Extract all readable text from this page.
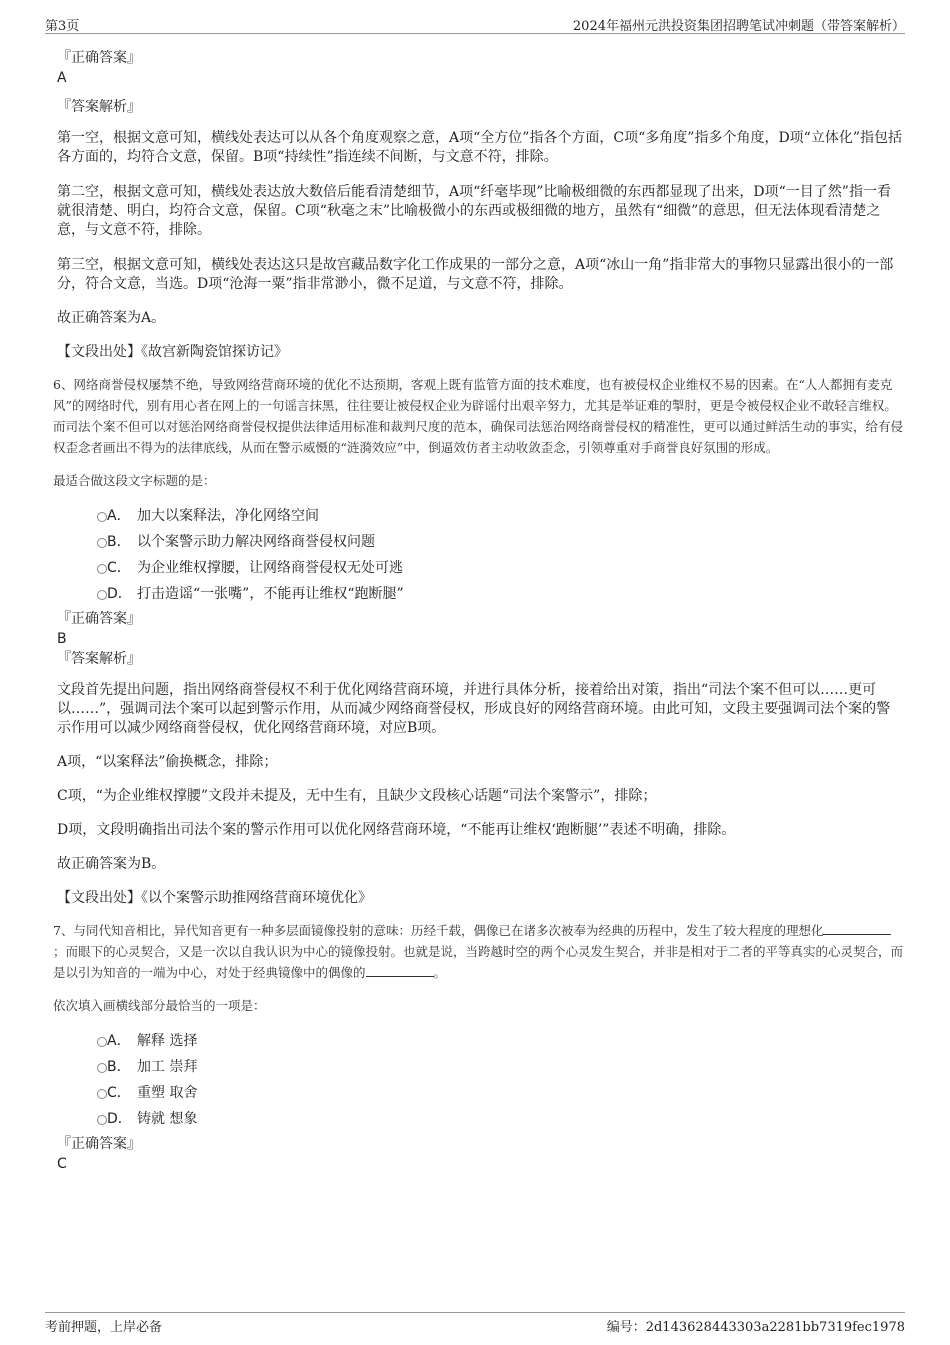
第3页	2024年福州元洪投资集团招聘笔试冲刺题（带答案解析）
『正确答案』
A
『答案解析』

第一空，根据文意可知，横线处表达可以从各个角度观察之意，A项“全方位”指各个方面，C项“多角度”指多个角度，D项“立体化”指包括各方面的，均符合文意，保留。B项“持续性”指连续不间断，与文意不符，排除。

第二空，根据文意可知，横线处表达放大数倍后能看清楚细节，A项“纤毫毕现”比喻极细微的东西都显现了出来，D项“一目了然”指一看就很清楚、明白，均符合文意，保留。C项“秋毫之末”比喻极微小的东西或极细微的地方，虽然有“细微”的意思，但无法体现看清楚之意，与文意不符，排除。

第三空，根据文意可知，横线处表达这只是故宫藏品数字化工作成果的一部分之意，A项“冰山一角”指非常大的事物只显露出很小的一部分，符合文意，当选。D项“沧海一粟”指非常渺小，微不足道，与文意不符，排除。

故正确答案为A。

【文段出处】《故宫新陶瓷馆探访记》

6、网络商誉侵权屡禁不绝，导致网络营商环境的优化不达预期，客观上既有监管方面的技术难度，也有被侵权企业维权不易的因素。在“人人都拥有麦克风”的网络时代，别有用心者在网上的一句谣言抹黑，往往要让被侵权企业为辟谣付出艰辛努力，尤其是举证难的掣肘，更是令被侵权企业不敢轻言维权。而司法个案不但可以对惩治网络商誉侵权提供法律适用标准和裁判尺度的范本，确保司法惩治网络商誉侵权的精准性，更可以通过鲜活生动的事实，给有侵权歪念者画出不得为的法律底线，从而在警示威慑的“涟漪效应”中，倒逼效仿者主动收敛歪念，引领尊重对手商誉良好氛围的形成。

最适合做这段文字标题的是：

A． 加大以案释法，净化网络空间
B． 以个案警示助力解决网络商誉侵权问题
C． 为企业维权撑腰，让网络商誉侵权无处可逃
D． 打击造谣“一张嘴”，不能再让维权“跑断腿”
『正确答案』
B
『答案解析』

文段首先提出问题，指出网络商誉侵权不利于优化网络营商环境，并进行具体分析，接着给出对策，指出“司法个案不但可以……更可以……”，强调司法个案可以起到警示作用，从而减少网络商誉侵权，形成良好的网络营商环境。由此可知，文段主要强调司法个案的警示作用可以减少网络商誉侵权，优化网络营商环境，对应B项。

A项，“以案释法”偷换概念，排除；

C项，“为企业维权撑腰”文段并未提及，无中生有，且缺少文段核心话题“司法个案警示”，排除；

D项，文段明确指出司法个案的警示作用可以优化网络营商环境，“不能再让维权‘跑断腿’”表述不明确，排除。

故正确答案为B。

【文段出处】《以个案警示助推网络营商环境优化》

7、与同代知音相比，异代知音更有一种多层面镜像投射的意味：历经千载，偶像已在诸多次被奉为经典的历程中，发生了较大程度的理想化；而眼下的心灵契合，又是一次以自我认识为中心的镜像投射。也就是说，当跨越时空的两个心灵发生契合，并非是相对于二者的平等真实的心灵契合，而是以引为知音的一端为中心，对处于经典镜像中的偶像的	。

依次填入画横线部分最恰当的一项是：

A． 解释 选择
B． 加工 崇拜
C． 重塑 取舍
D． 铸就 想象
『正确答案』
C
考前押题，上岸必备	编号：2d143628443303a2281bb7319fec1978
